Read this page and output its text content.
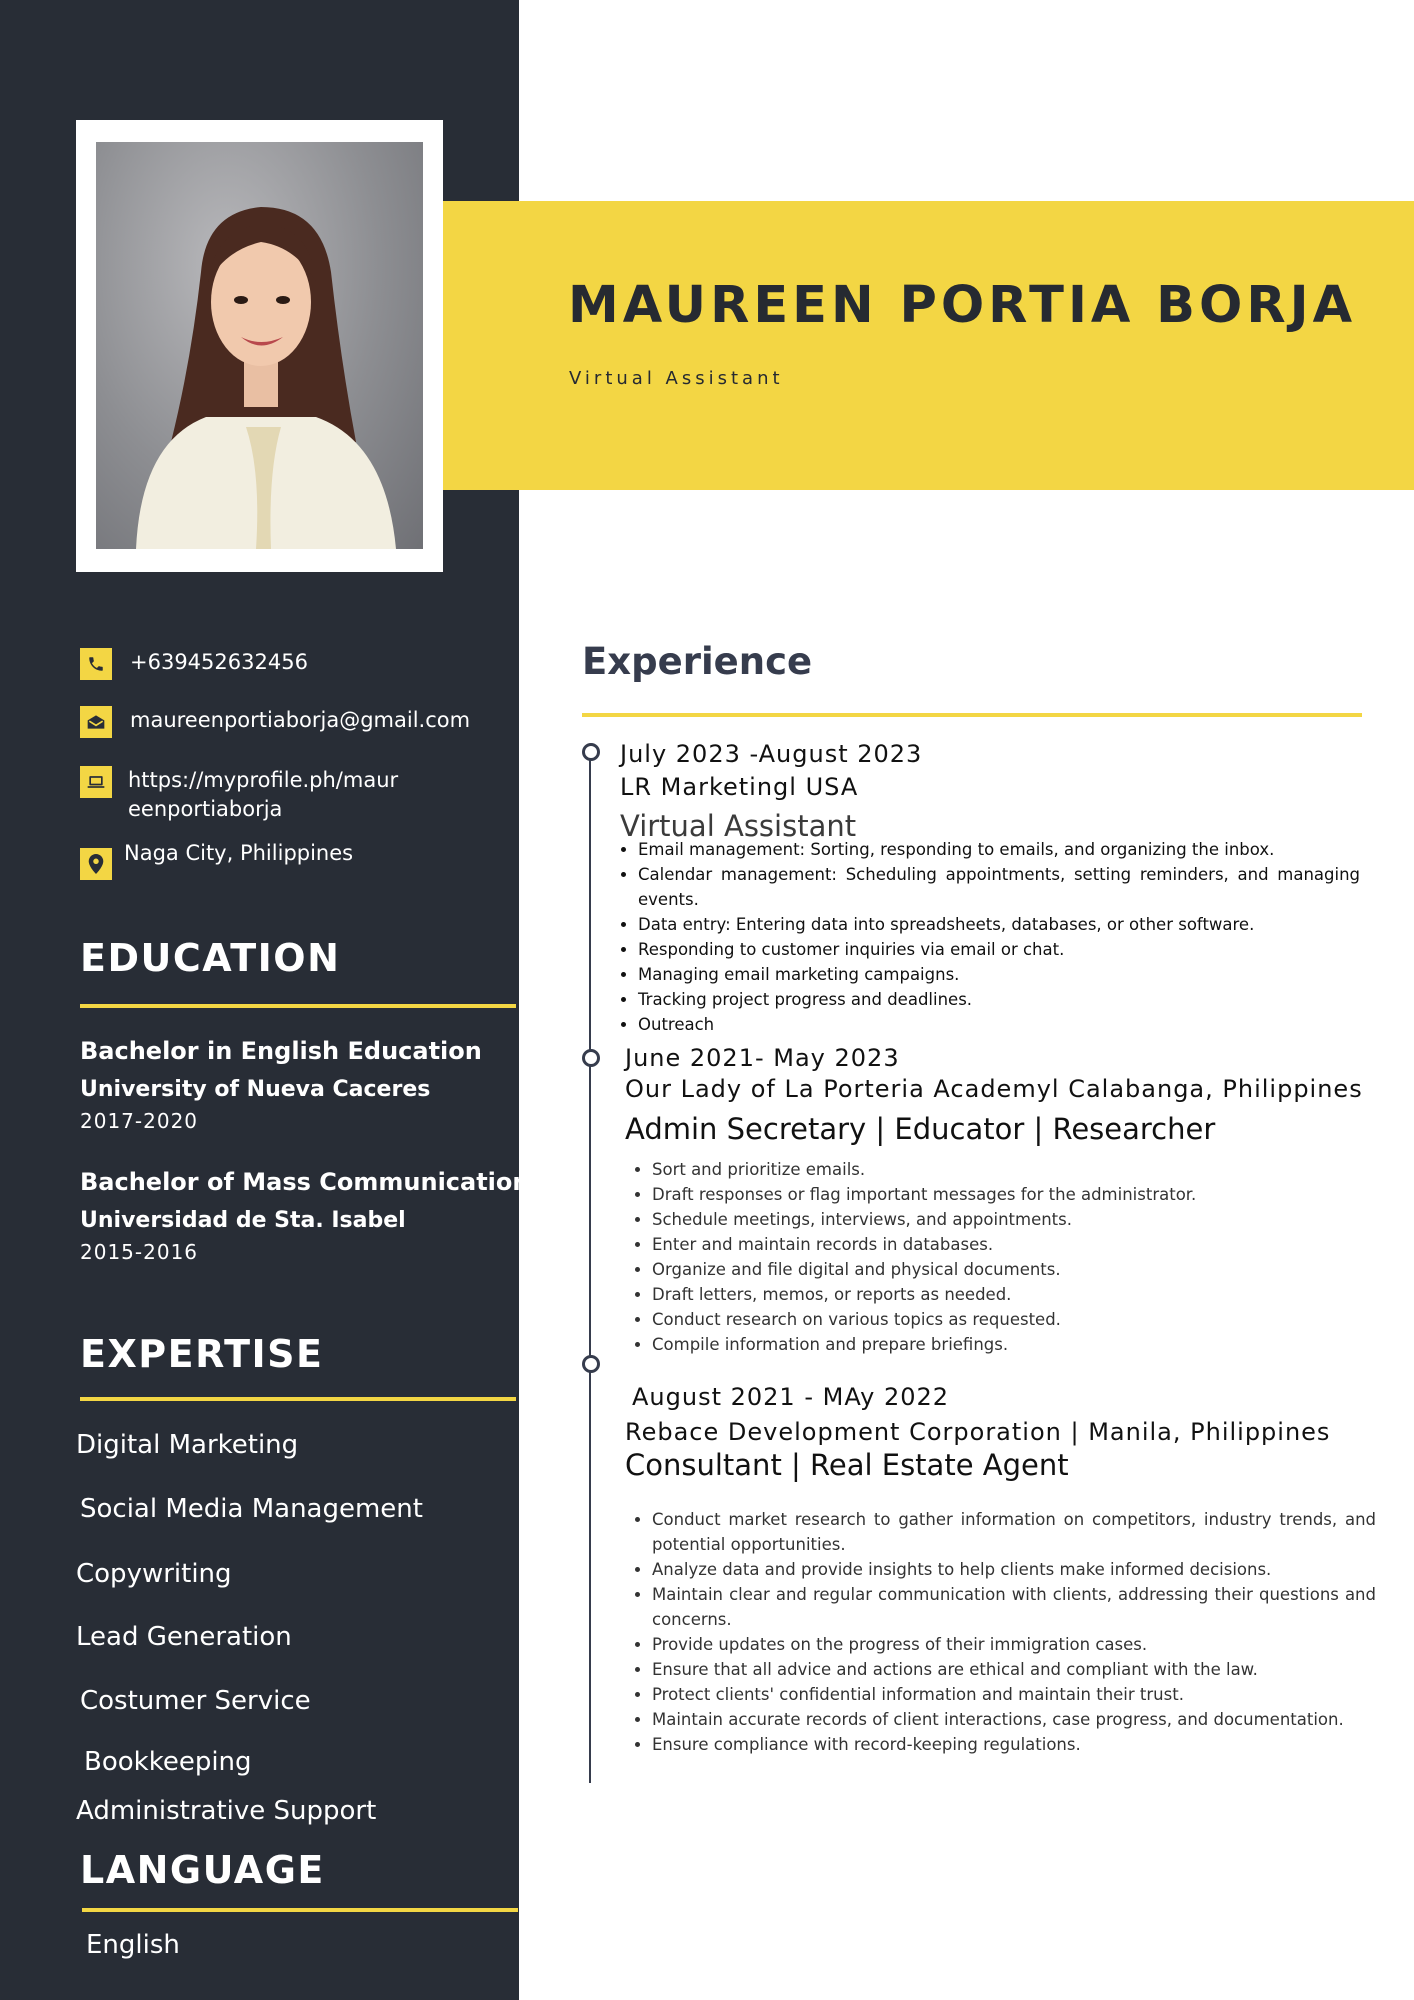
+639452632456
maureenportiaborja@gmail.com
https://myprofile.ph/maur
eenportiaborja
Naga City, Philippines
EDUCATION
Bachelor in English Education
University of Nueva Caceres
2017-2020
Bachelor of Mass Communication
Universidad de Sta. Isabel
2015-2016
EXPERTISE
Digital Marketing
Social Media Management
Copywriting
Lead Generation
Costumer Service
Bookkeeping
Administrative Support
LANGUAGE
English
MAUREEN PORTIA BORJA
Virtual Assistant
Experience
July 2023 -August 2023
LR Marketingl USA
Virtual Assistant
• Email management: Sorting, responding to emails, and organizing the inbox.
• Calendar management: Scheduling appointments, setting reminders, and managing events.
• Data entry: Entering data into spreadsheets, databases, or other software.
• Responding to customer inquiries via email or chat.
• Managing email marketing campaigns.
• Tracking project progress and deadlines.
• Outreach
June 2021- May 2023
Our Lady of La Porteria Academyl Calabanga, Philippines
Admin Secretary | Educator | Researcher
• Sort and prioritize emails.
• Draft responses or flag important messages for the administrator.
• Schedule meetings, interviews, and appointments.
• Enter and maintain records in databases.
• Organize and file digital and physical documents.
• Draft letters, memos, or reports as needed.
• Conduct research on various topics as requested.
• Compile information and prepare briefings.
August 2021 - MAy 2022
Rebace Development Corporation | Manila, Philippines
Consultant | Real Estate Agent
• Conduct market research to gather information on competitors, industry trends, and potential opportunities.
• Analyze data and provide insights to help clients make informed decisions.
• Maintain clear and regular communication with clients, addressing their questions and concerns.
• Provide updates on the progress of their immigration cases.
• Ensure that all advice and actions are ethical and compliant with the law.
• Protect clients' confidential information and maintain their trust.
• Maintain accurate records of client interactions, case progress, and documentation.
• Ensure compliance with record-keeping regulations.
